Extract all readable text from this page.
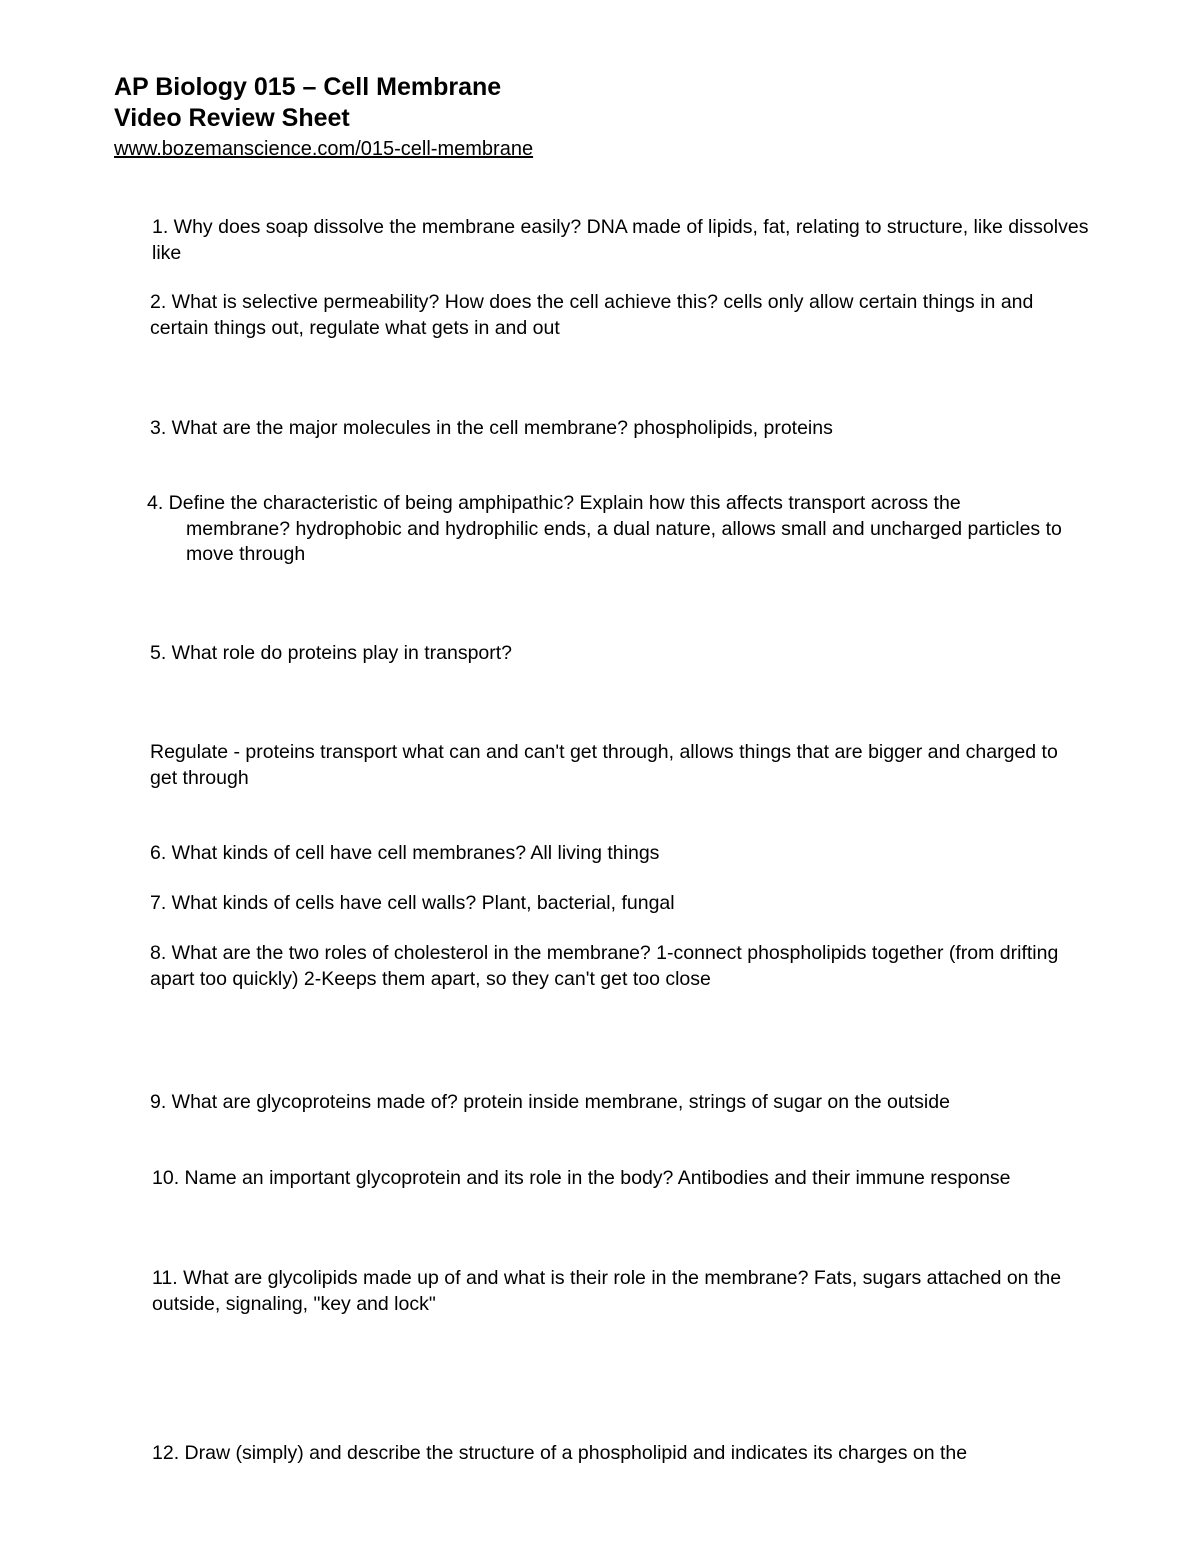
AP Biology 015 – Cell Membrane
Video Review Sheet
www.bozemanscience.com/015-cell-membrane

1. Why does soap dissolve the membrane easily? DNA made of lipids, fat, relating to structure, like dissolves like

2. What is selective permeability? How does the cell achieve this? cells only allow certain things in and certain things out, regulate what gets in and out

3. What are the major molecules in the cell membrane? phospholipids, proteins

4. Define the characteristic of being amphipathic? Explain how this affects transport across the
membrane? hydrophobic and hydrophilic ends, a dual nature, allows small and uncharged particles to move through

5. What role do proteins play in transport?

Regulate - proteins transport what can and can't get through, allows things that are bigger and charged to get through

6. What kinds of cell have cell membranes? All living things

7. What kinds of cells have cell walls? Plant, bacterial, fungal

8. What are the two roles of cholesterol in the membrane? 1-connect phospholipids together (from drifting apart too quickly) 2-Keeps them apart, so they can't get too close

9. What are glycoproteins made of? protein inside membrane, strings of sugar on the outside

10. Name an important glycoprotein and its role in the body? Antibodies and their immune response

11. What are glycolipids made up of and what is their role in the membrane? Fats, sugars attached on the outside, signaling, "key and lock"

12. Draw (simply) and describe the structure of a phospholipid and indicates its charges on the
